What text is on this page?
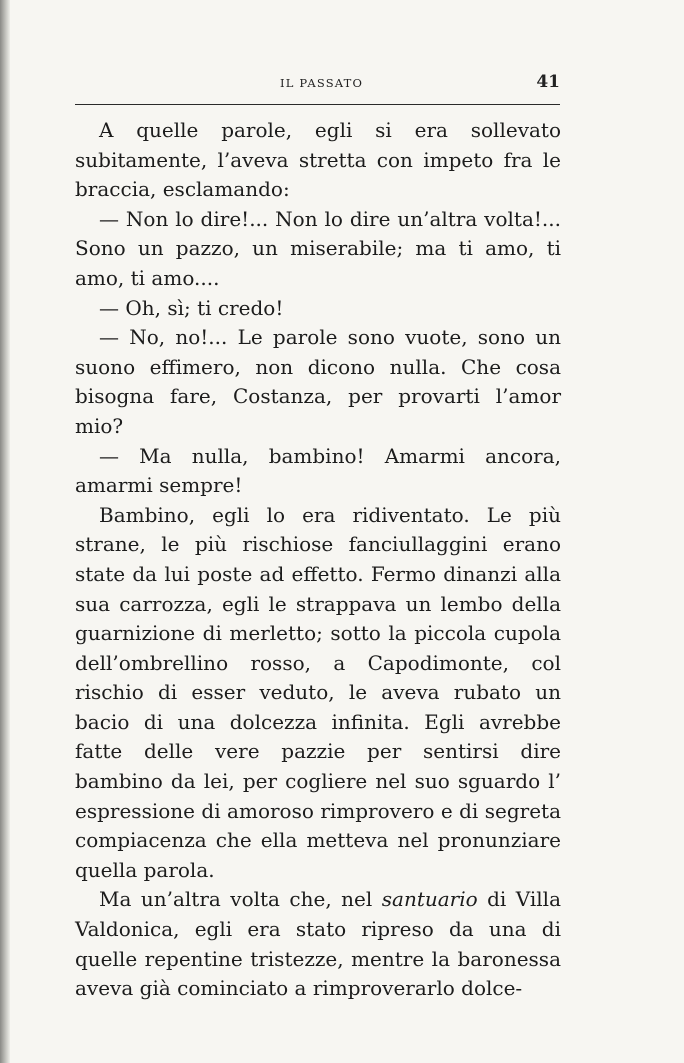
IL PASSATO	41

A quelle parole, egli si era sollevato subitamente, l’aveva stretta con impeto fra le braccia, esclamando:

— Non lo dire!... Non lo dire un’altra volta!... Sono un pazzo, un miserabile; ma ti amo, ti amo, ti amo....

— Oh, sì; ti credo!

— No, no!... Le parole sono vuote, sono un suono effimero, non dicono nulla. Che cosa bisogna fare, Costanza, per provarti l’amor mio?

— Ma nulla, bambino! Amarmi ancora, amarmi sempre!

Bambino, egli lo era ridiventato. Le più strane, le più rischiose fanciullaggini erano state da lui poste ad effetto. Fermo dinanzi alla sua carrozza, egli le strappava un lembo della guarnizione di merletto; sotto la piccola cupola dell’ombrellino rosso, a Capodimonte, col rischio di esser veduto, le aveva rubato un bacio di una dolcezza infinita. Egli avrebbe fatte delle vere pazzie per sentirsi dire bambino da lei, per cogliere nel suo sguardo l’ espressione di amoroso rimprovero e di segreta compiacenza che ella metteva nel pronunziare quella parola.

Ma un’altra volta che, nel santuario di Villa Valdonica, egli era stato ripreso da una di quelle repentine tristezze, mentre la baronessa aveva già cominciato a rimproverarlo dolce-
